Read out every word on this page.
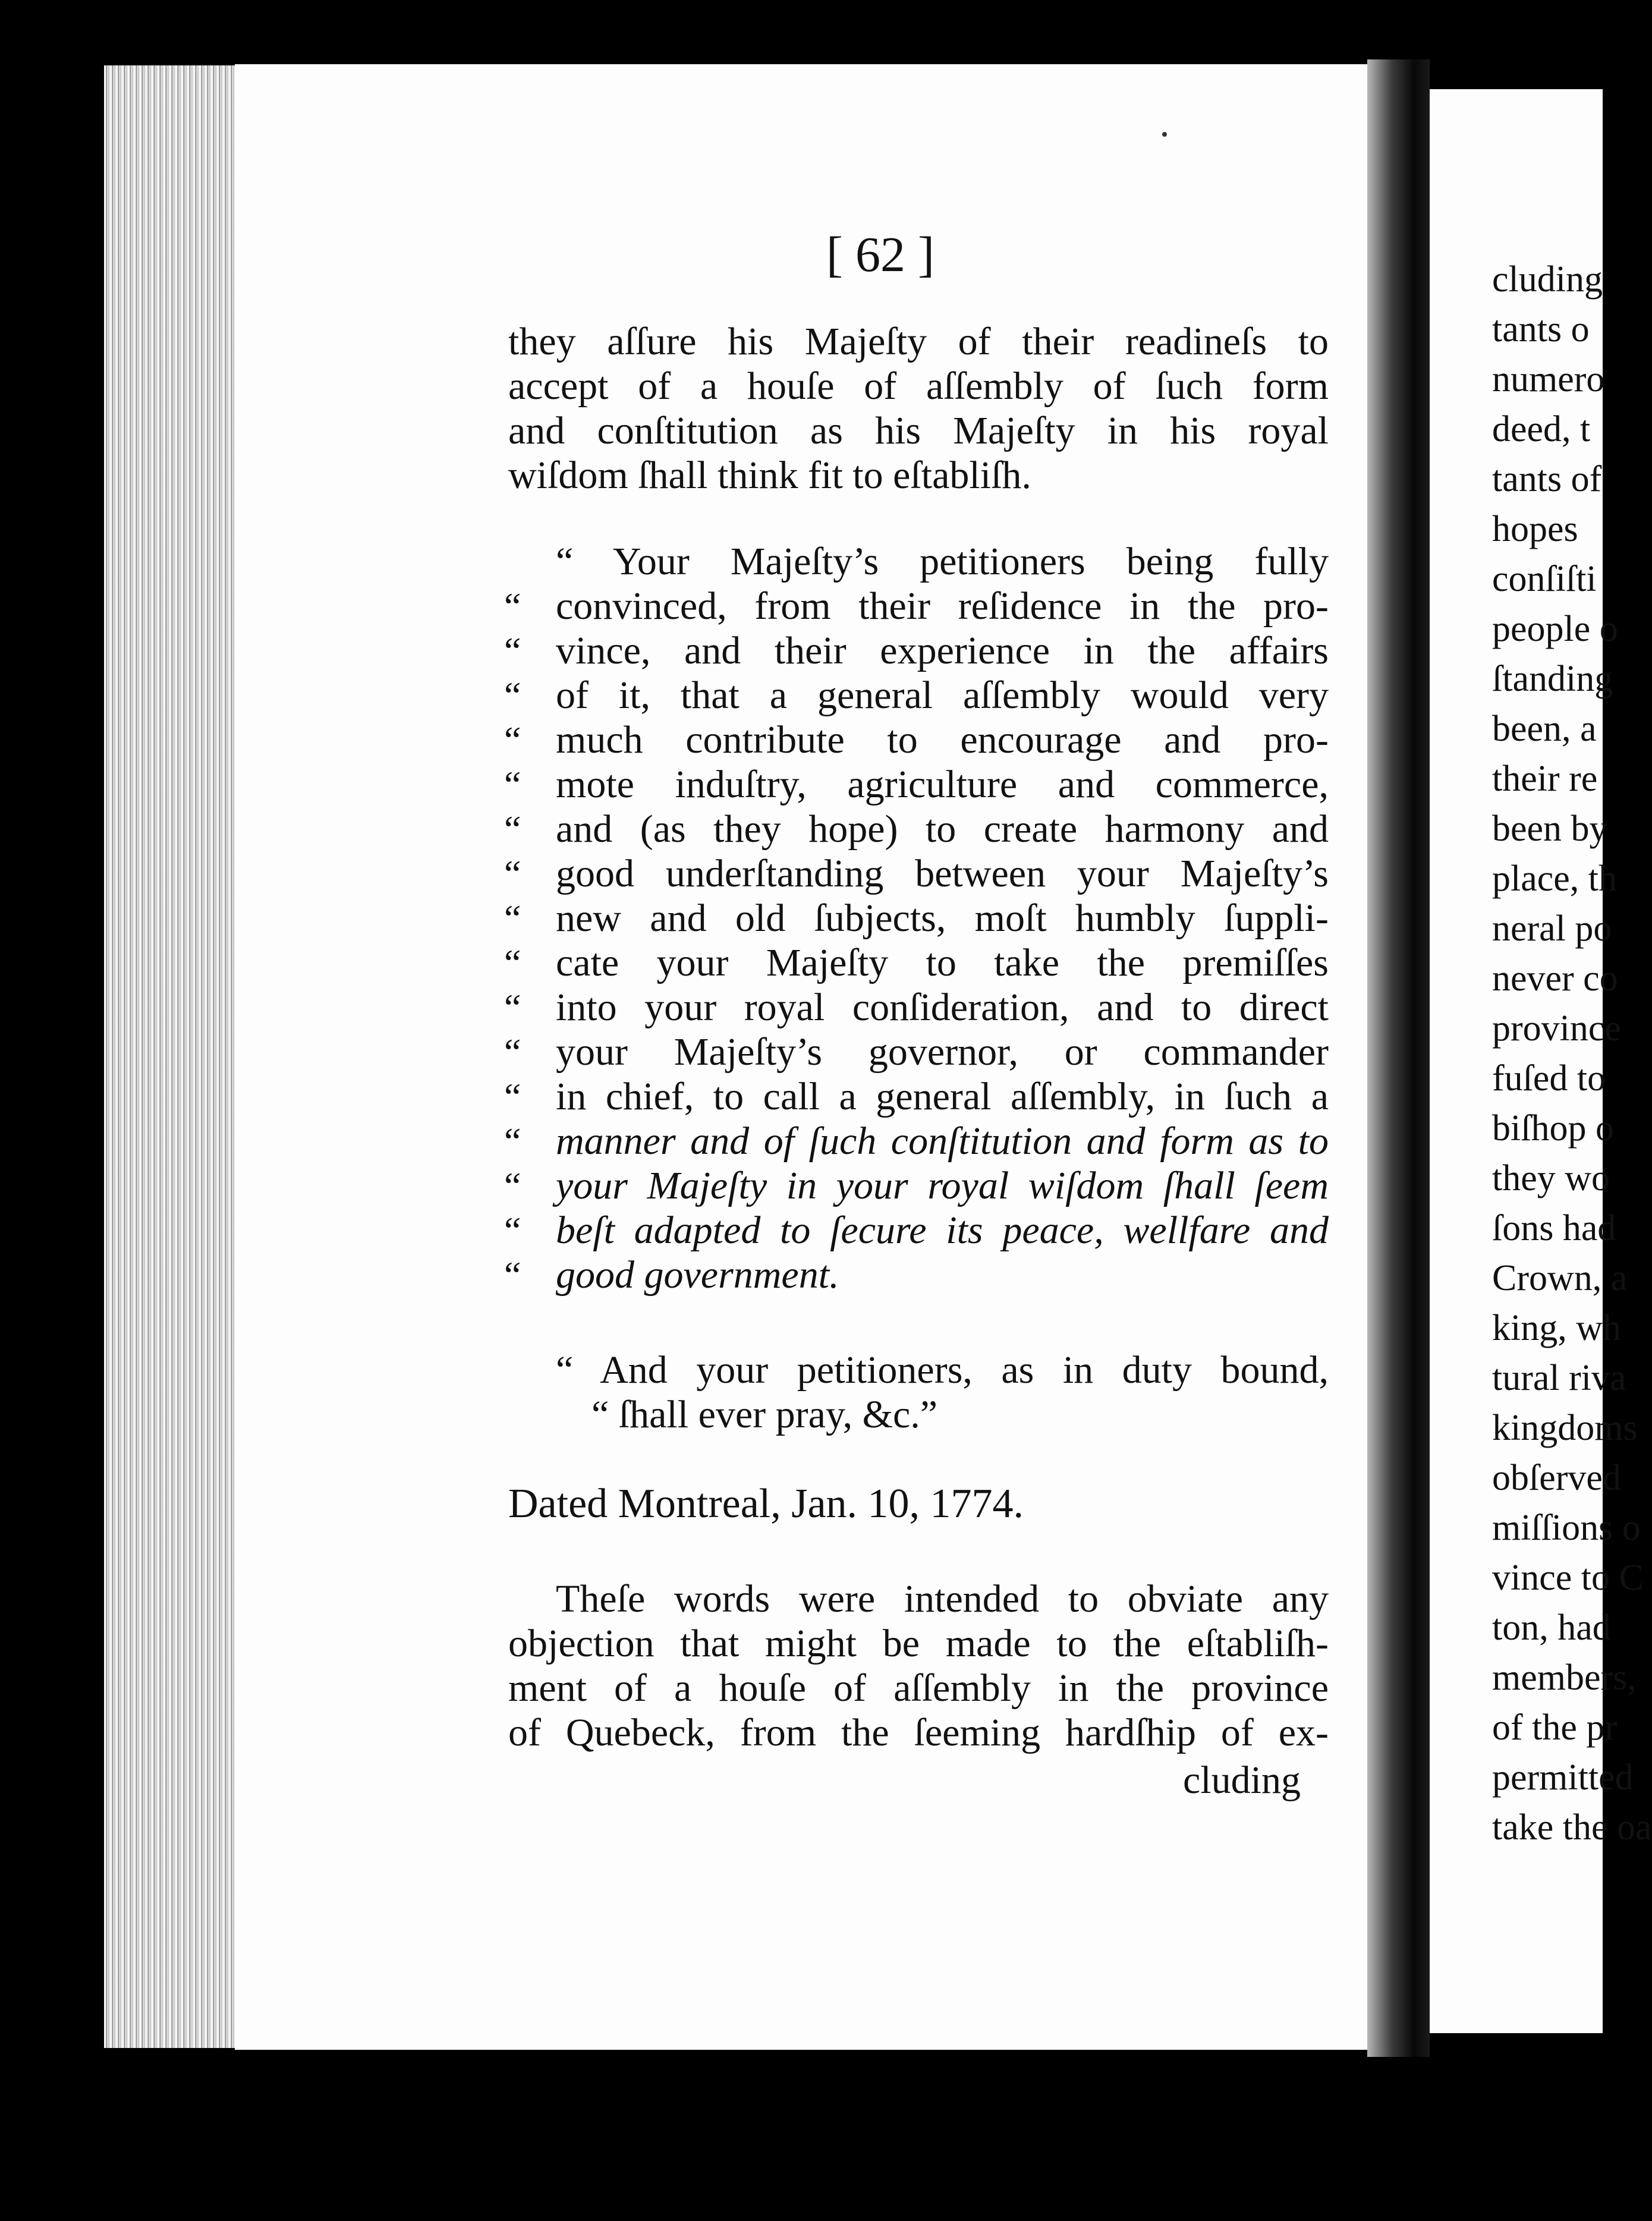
cluding
tants o
numero
deed, t
tants of
hopes
conſiſti
people o
ſtanding
been, a
their re
been by
place, th
neral po
never co
province
fuſed to
biſhop o
they wo
ſons had
Crown, a
king, wh
tural riva
kingdoms
obſerved
miſſions o
vince to C
ton, had
members,
of the pr
permitted
take the oa
[ 62 ]
they aſſure his Majeſty of their readineſs to
accept of a houſe of aſſembly of ſuch form
and conſtitution as his Majeſty in his royal
wiſdom ſhall think fit to eſtabliſh.
“ Your Majeſty’s petitioners being fully
“ convinced, from their reſidence in the pro-
“ vince, and their experience in the affairs
“ of it, that a general aſſembly would very
“ much contribute to encourage and pro-
“ mote induſtry, agriculture and commerce,
“ and (as they hope) to create harmony and
“ good underſtanding between your Majeſty’s
“ new and old ſubjects, moſt humbly ſuppli-
“ cate your Majeſty to take the premiſſes
“ into your royal conſideration, and to direct
“ your Majeſty’s governor, or commander
“ in chief, to call a general aſſembly, in ſuch a
“ manner and of ſuch conſtitution and form as to
“ your Majeſty in your royal wiſdom ſhall ſeem
“ beſt adapted to ſecure its peace, wellfare and
“ good government.
“ And your petitioners, as in duty bound,
“ ſhall ever pray, &c.”
Dated Montreal, Jan. 10, 1774.
Theſe words were intended to obviate any
objection that might be made to the eſtabliſh-
ment of a houſe of aſſembly in the province
of Quebeck, from the ſeeming hardſhip of ex-
cluding
